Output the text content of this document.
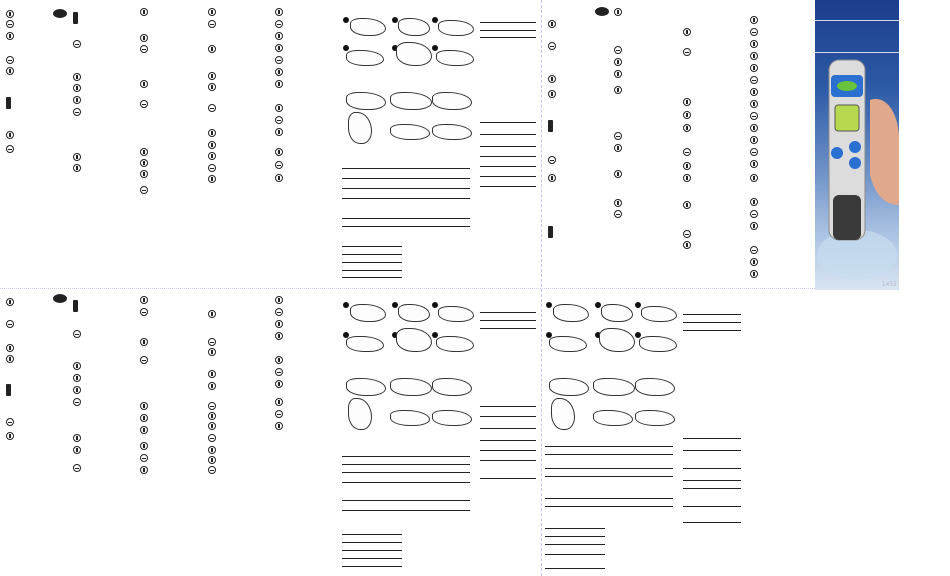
1451
